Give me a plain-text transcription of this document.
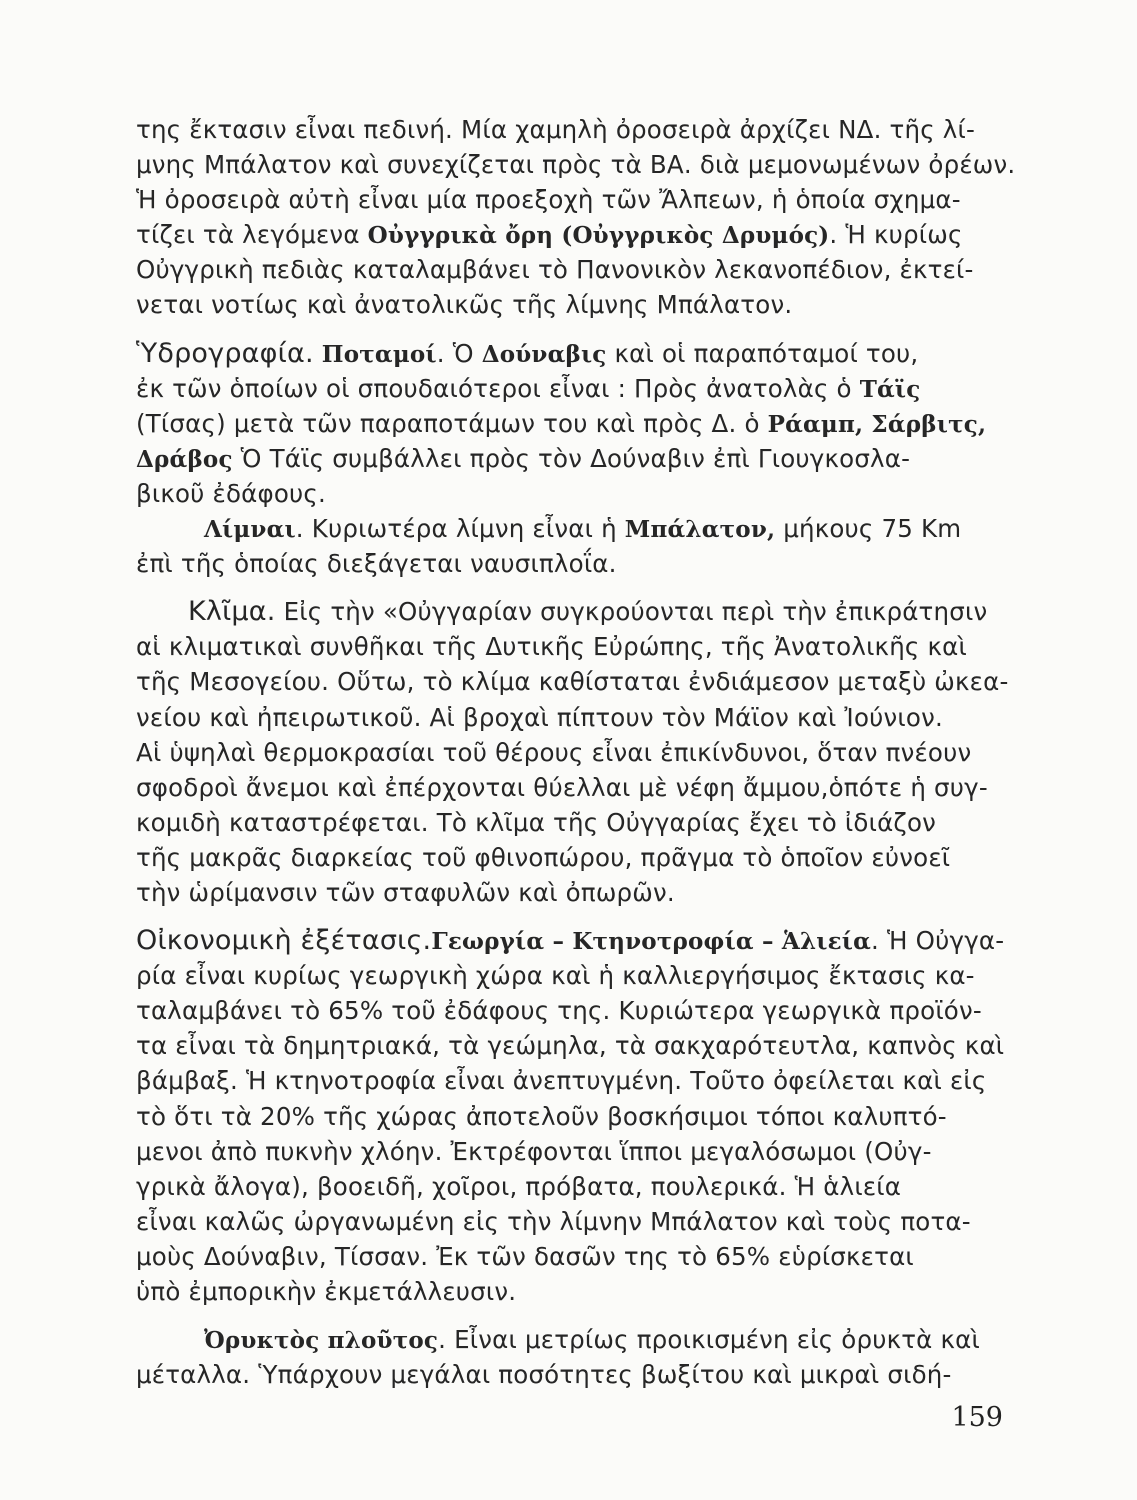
της ἔκτασιν εἶναι πεδινή. Μία χαμηλὴ ὀροσειρὰ ἀρχίζει ΝΔ. τῆς λί-
μνης Μπάλατον καὶ συνεχίζεται πρὸς τὰ ΒΑ. διὰ μεμονωμένων ὀρέων.
Ἡ ὀροσειρὰ αὐτὴ εἶναι μία προεξοχὴ τῶν Ἄλπεων, ἡ ὁποία σχημα-
τίζει τὰ λεγόμενα Οὐγγρικὰ ὄρη (Οὐγγρικὸς Δρυμός). Ἡ κυρίως
Οὐγγρικὴ πεδιὰς καταλαμβάνει τὸ Πανονικὸν λεκανοπέδιον, ἐκτεί-
νεται νοτίως καὶ ἀνατολικῶς τῆς λίμνης Μπάλατον.
Ὑδρογραφία. Ποταμοί. Ὁ Δούναβις καὶ οἱ παραπόταμοί του,
ἐκ τῶν ὁποίων οἱ σπουδαιότεροι εἶναι : Πρὸς ἀνατολὰς ὁ Τάϊς
(Τίσας) μετὰ τῶν παραποτάμων του καὶ πρὸς Δ. ὁ Ράαμπ, Σάρβιτς,
Δράβος Ὁ Τάϊς συμβάλλει πρὸς τὸν Δούναβιν ἐπὶ Γιουγκοσλα-
βικοῦ ἐδάφους.
Λίμναι. Κυριωτέρα λίμνη εἶναι ἡ Μπάλατον, μήκους 75 Km
ἐπὶ τῆς ὁποίας διεξάγεται ναυσιπλοΐα.
Κλῖμα. Εἰς τὴν «Οὐγγαρίαν συγκρούονται περὶ τὴν ἐπικράτησιν
αἱ κλιματικαὶ συνθῆκαι τῆς Δυτικῆς Εὐρώπης, τῆς Ἀνατολικῆς καὶ
τῆς Μεσογείου. Οὕτω, τὸ κλίμα καθίσταται ἐνδιάμεσον μεταξὺ ὠκεα-
νείου καὶ ἠπειρωτικοῦ. Αἱ βροχαὶ πίπτουν τὸν Μάϊον καὶ Ἰούνιον.
Αἱ ὑψηλαὶ θερμοκρασίαι τοῦ θέρους εἶναι ἐπικίνδυνοι, ὅταν πνέουν
σφοδροὶ ἄνεμοι καὶ ἐπέρχονται θύελλαι μὲ νέφη ἄμμου,ὁπότε ἡ συγ-
κομιδὴ καταστρέφεται. Τὸ κλῖμα τῆς Οὐγγαρίας ἔχει τὸ ἰδιάζον
τῆς μακρᾶς διαρκείας τοῦ φθινοπώρου, πρᾶγμα τὸ ὁποῖον εὐνοεῖ
τὴν ὡρίμανσιν τῶν σταφυλῶν καὶ ὀπωρῶν.
Οἰκονομικὴ ἐξέτασις.Γεωργία – Κτηνοτροφία – Ἁλιεία. Ἡ Οὐγγα-
ρία εἶναι κυρίως γεωργικὴ χώρα καὶ ἡ καλλιεργήσιμος ἔκτασις κα-
ταλαμβάνει τὸ 65% τοῦ ἐδάφους της. Κυριώτερα γεωργικὰ προϊόν-
τα εἶναι τὰ δημητριακά, τὰ γεώμηλα, τὰ σακχαρότευτλα, καπνὸς καὶ
βάμβαξ. Ἡ κτηνοτροφία εἶναι ἀνεπτυγμένη. Τοῦτο ὀφείλεται καὶ εἰς
τὸ ὅτι τὰ 20% τῆς χώρας ἀποτελοῦν βοσκήσιμοι τόποι καλυπτό-
μενοι ἀπὸ πυκνὴν χλόην. Ἐκτρέφονται ἵπποι μεγαλόσωμοι (Οὐγ-
γρικὰ ἄλογα), βοοειδῆ, χοῖροι, πρόβατα, πουλερικά. Ἡ ἁλιεία
εἶναι καλῶς ὠργανωμένη εἰς τὴν λίμνην Μπάλατον καὶ τοὺς ποτα-
μοὺς Δούναβιν, Τίσσαν. Ἐκ τῶν δασῶν της τὸ 65% εὑρίσκεται
ὑπὸ ἐμπορικὴν ἐκμετάλλευσιν.
Ὀρυκτὸς πλοῦτος. Εἶναι μετρίως προικισμένη εἰς ὀρυκτὰ καὶ
μέταλλα. Ὑπάρχουν μεγάλαι ποσότητες βωξίτου καὶ μικραὶ σιδή-
159
